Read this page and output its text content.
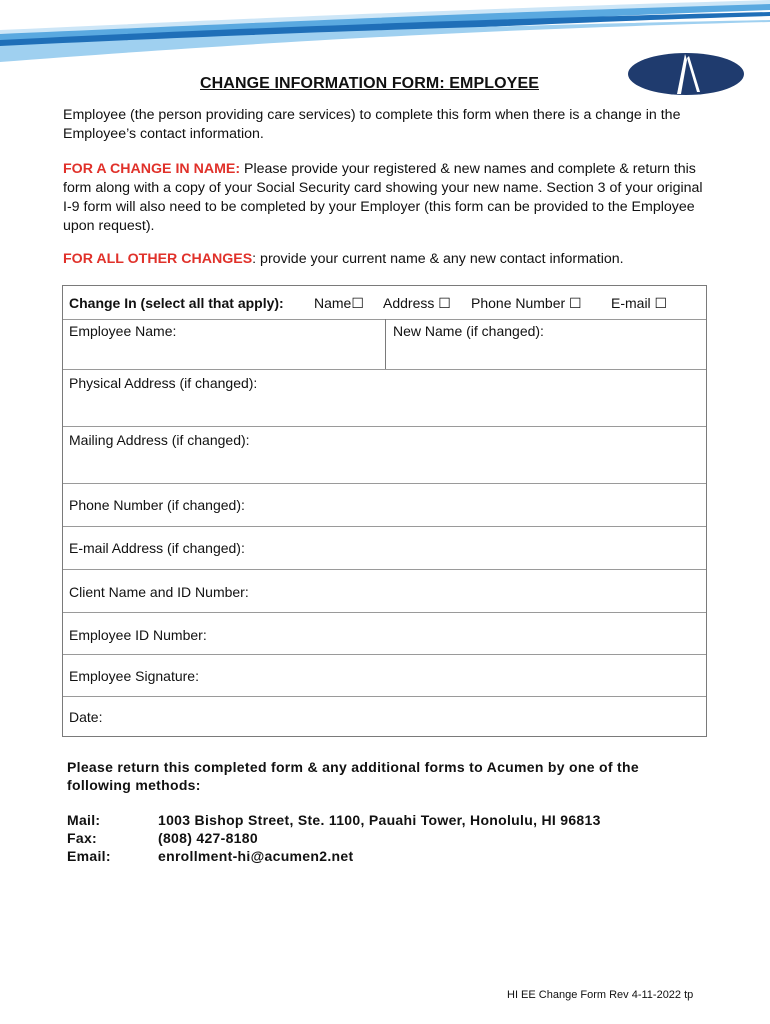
CHANGE INFORMATION FORM: EMPLOYEE

Employee (the person providing care services) to complete this form when there is a change in the Employee’s contact information.

FOR A CHANGE IN NAME: Please provide your registered & new names and complete & return this form along with a copy of your Social Security card showing your new name. Section 3 of your original I-9 form will also need to be completed by your Employer (this form can be provided to the Employee upon request).

FOR ALL OTHER CHANGES: provide your current name & any new contact information.

Change In (select all that apply): Name☐ Address ☐ Phone Number ☐ E-mail ☐
Employee Name:	New Name (if changed):
Physical Address (if changed):
Mailing Address (if changed):
Phone Number (if changed):
E-mail Address (if changed):
Client Name and ID Number:
Employee ID Number:
Employee Signature:
Date:
Please return this completed form & any additional forms to Acumen by one of the following methods:
Mail:	1003 Bishop Street, Ste. 1100, Pauahi Tower, Honolulu, HI 96813
Fax:	(808) 427-8180
Email:	enrollment-hi@acumen2.net
HI EE Change Form Rev 4-11-2022 tp
